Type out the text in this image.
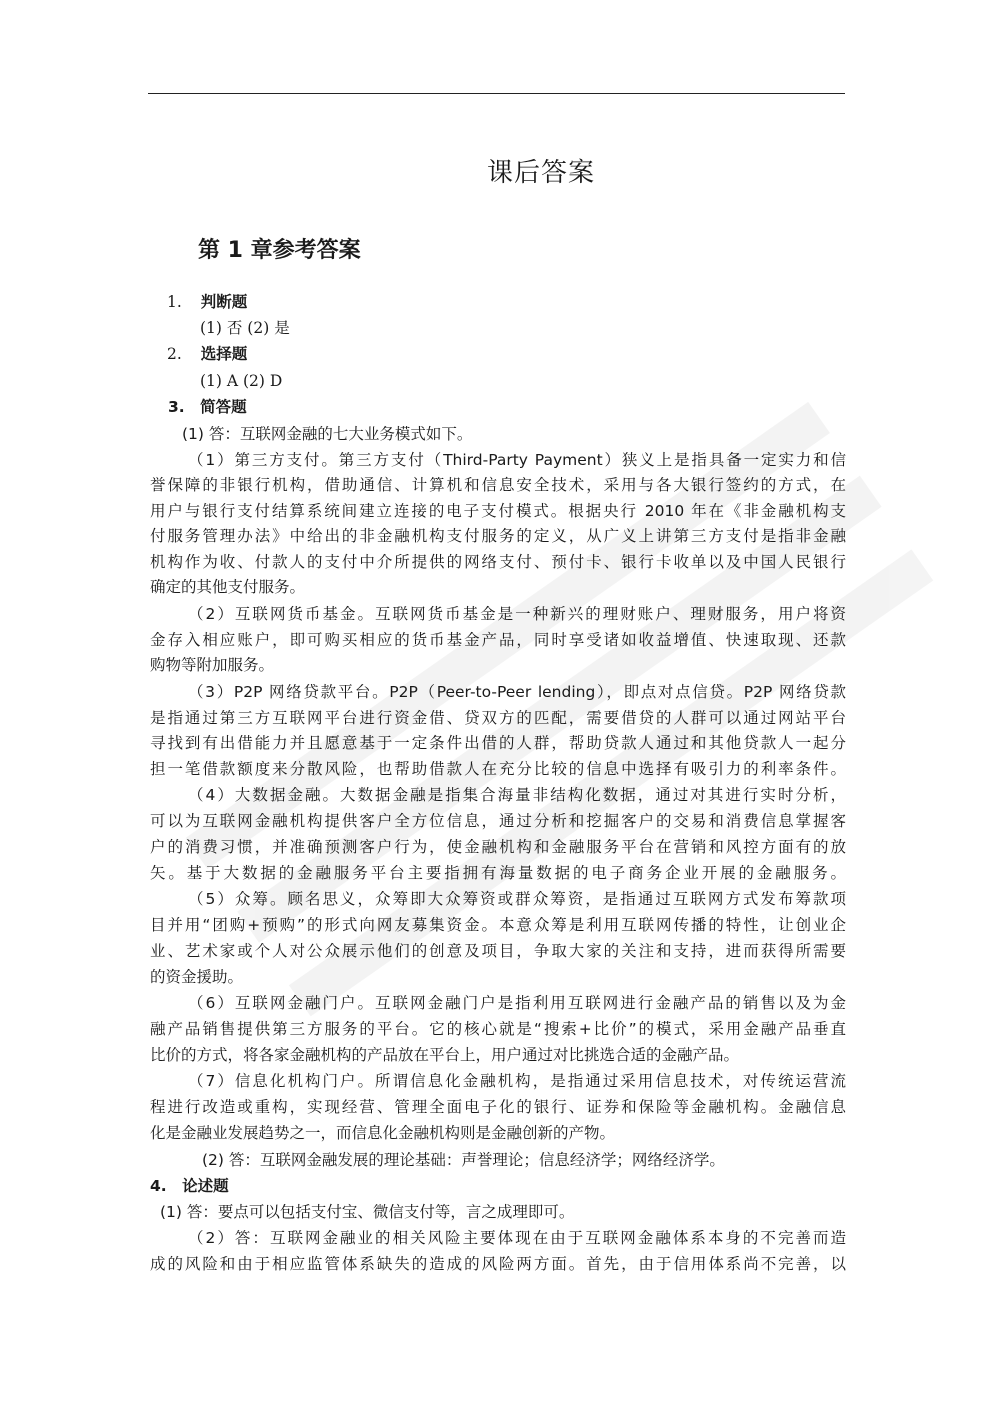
课后答案
第 1 章参考答案
1. 判断题
(1) 否 (2) 是
2. 选择题
(1) A (2) D
3. 简答题
(1) 答：互联网金融的七大业务模式如下。
（1）第三方支付。第三方支付（Third-Party Payment）狭义上是指具备一定实力和信
誉保障的非银行机构，借助通信、计算机和信息安全技术，采用与各大银行签约的方式，在
用户与银行支付结算系统间建立连接的电子支付模式。根据央行 2010 年在《非金融机构支
付服务管理办法》中给出的非金融机构支付服务的定义，从广义上讲第三方支付是指非金融
机构作为收、付款人的支付中介所提供的网络支付、预付卡、银行卡收单以及中国人民银行
确定的其他支付服务。
（2）互联网货币基金。互联网货币基金是一种新兴的理财账户、理财服务，用户将资
金存入相应账户，即可购买相应的货币基金产品，同时享受诸如收益增值、快速取现、还款
购物等附加服务。
（3）P2P 网络贷款平台。P2P（Peer-to-Peer lending），即点对点信贷。P2P 网络贷款
是指通过第三方互联网平台进行资金借、贷双方的匹配，需要借贷的人群可以通过网站平台
寻找到有出借能力并且愿意基于一定条件出借的人群，帮助贷款人通过和其他贷款人一起分
担一笔借款额度来分散风险，也帮助借款人在充分比较的信息中选择有吸引力的利率条件。
（4）大数据金融。大数据金融是指集合海量非结构化数据，通过对其进行实时分析，
可以为互联网金融机构提供客户全方位信息，通过分析和挖掘客户的交易和消费信息掌握客
户的消费习惯，并准确预测客户行为，使金融机构和金融服务平台在营销和风控方面有的放
矢。基于大数据的金融服务平台主要指拥有海量数据的电子商务企业开展的金融服务。
（5）众筹。顾名思义，众筹即大众筹资或群众筹资，是指通过互联网方式发布筹款项
目并用“团购+预购”的形式向网友募集资金。本意众筹是利用互联网传播的特性，让创业企
业、艺术家或个人对公众展示他们的创意及项目，争取大家的关注和支持，进而获得所需要
的资金援助。
（6）互联网金融门户。互联网金融门户是指利用互联网进行金融产品的销售以及为金
融产品销售提供第三方服务的平台。它的核心就是“搜索+比价”的模式，采用金融产品垂直
比价的方式，将各家金融机构的产品放在平台上，用户通过对比挑选合适的金融产品。
（7）信息化机构门户。所谓信息化金融机构，是指通过采用信息技术，对传统运营流
程进行改造或重构，实现经营、管理全面电子化的银行、证券和保险等金融机构。金融信息
化是金融业发展趋势之一，而信息化金融机构则是金融创新的产物。
(2) 答：互联网金融发展的理论基础：声誉理论；信息经济学；网络经济学。
4. 论述题
(1) 答：要点可以包括支付宝、微信支付等，言之成理即可。
（2）答：互联网金融业的相关风险主要体现在由于互联网金融体系本身的不完善而造
成的风险和由于相应监管体系缺失的造成的风险两方面。首先，由于信用体系尚不完善，以
